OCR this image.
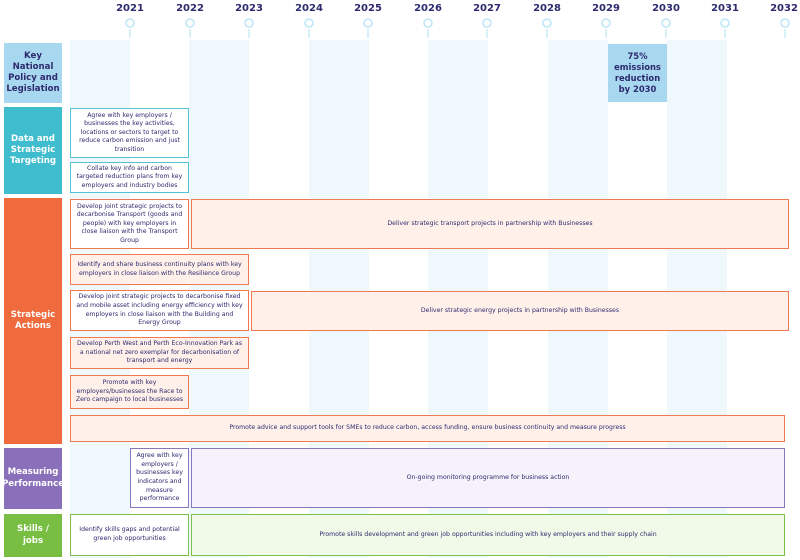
2021	2022	2023	2024	2025	2026	2027	2028	2029	2030	2031	2032
Key National Policy and Legislation
Data and Strategic Targeting
Strategic Actions
Measuring Performance
Skills / jobs
75% emissions reduction by 2030
Agree with key employers / businesses the key activities, locations or sectors to target to reduce carbon emission and just transition
Collate key info and carbon targeted reduction plans from key employers and industry bodies
Develop joint strategic projects to decarbonise Transport (goods and people) with key employers in close liaison with the Transport Group
Deliver strategic transport projects in partnership with Businesses
Identify and share business continuity plans with key employers in close liaison with the Resilience Group
Develop joint strategic projects to decarbonise fixed and mobile asset including energy efficiency with key employers in close liaison with the Building and Energy Group
Deliver strategic energy projects in partnership with Businesses
Develop Perth West and Perth Eco-Innovation Park as a national net zero exemplar for decarbonisation of transport and energy
Promote with key employers/businesses the Race to Zero campaign to local businesses
Promote advice and support tools for SMEs to reduce carbon, access funding, ensure business continuity and measure progress
Agree with key employers / businesses key indicators and measure performance
On-going monitoring programme for business action
Identify skills gaps and potential green job opportunities
Promote skills development and green job opportunities including with key employers and their supply chain
